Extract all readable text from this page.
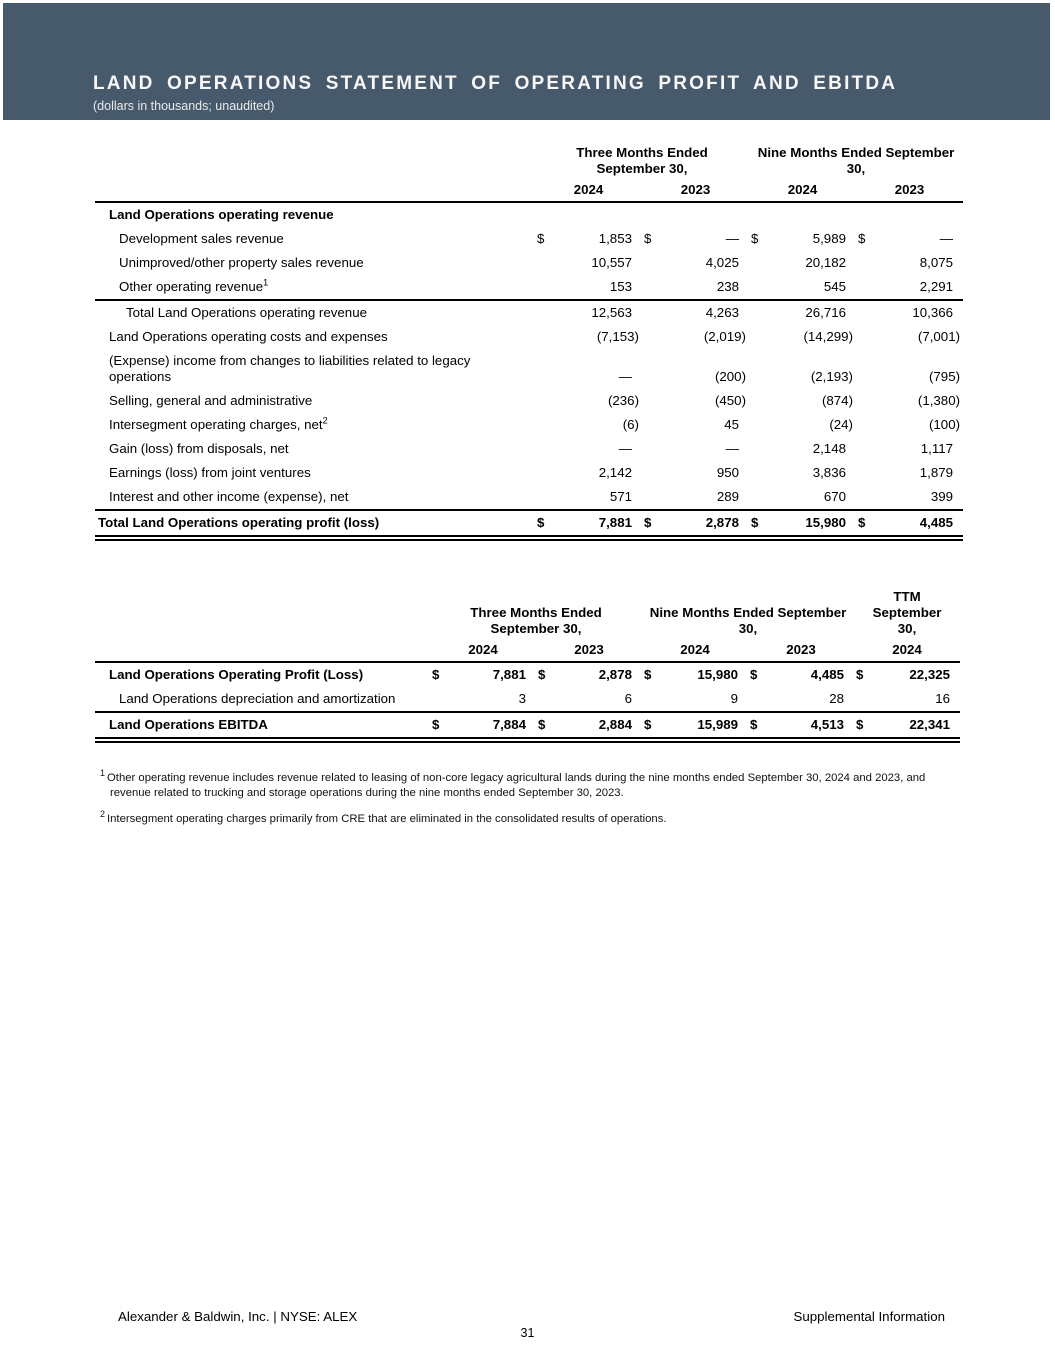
LAND OPERATIONS STATEMENT OF OPERATING PROFIT AND EBITDA
(dollars in thousands; unaudited)
	Three Months Ended
September 30,				Nine Months Ended September
30,			
	2024		2023		2024		2023	
Land Operations operating revenue								
Development sales revenue	$	1,853	$	—	$	5,989	$	—
Unimproved/other property sales revenue		10,557		4,025		20,182		8,075
Other operating revenue$^1$		153		238		545		2,291
Total Land Operations operating revenue		12,563		4,263		26,716		10,366
Land Operations operating costs and expenses		(7,153)		(2,019)		(14,299)		(7,001)
(Expense) income from changes to liabilities related to legacy operations		—		(200)		(2,193)		(795)
Selling, general and administrative		(236)		(450)		(874)		(1,380)
Intersegment operating charges, net$^2$		(6)		45		(24)		(100)
Gain (loss) from disposals, net		—		—		2,148		1,117
Earnings (loss) from joint ventures		2,142		950		3,836		1,879
Interest and other income (expense), net		571		289		670		399
Total Land Operations operating profit (loss)	$	7,881	$	2,878	$	15,980	$	4,485
	Three Months Ended
September 30,				Nine Months Ended September
30,				TTM
September
30,	
	2024		2023		2024		2023		2024	
Land Operations Operating Profit (Loss)	$	7,881	$	2,878	$	15,980	$	4,485	$	22,325
Land Operations depreciation and amortization		3		6		9		28		16
Land Operations EBITDA	$	7,884	$	2,884	$	15,989	$	4,513	$	22,341

$^1$ Other operating revenue includes revenue related to leasing of non-core legacy agricultural lands during the nine months ended September 30, 2024 and 2023, and revenue related to trucking and storage operations during the nine months ended September 30, 2023.

$^2$ Intersegment operating charges primarily from CRE that are eliminated in the consolidated results of operations.

Alexander & Baldwin, Inc. | NYSE: ALEX	Supplemental Information
31
